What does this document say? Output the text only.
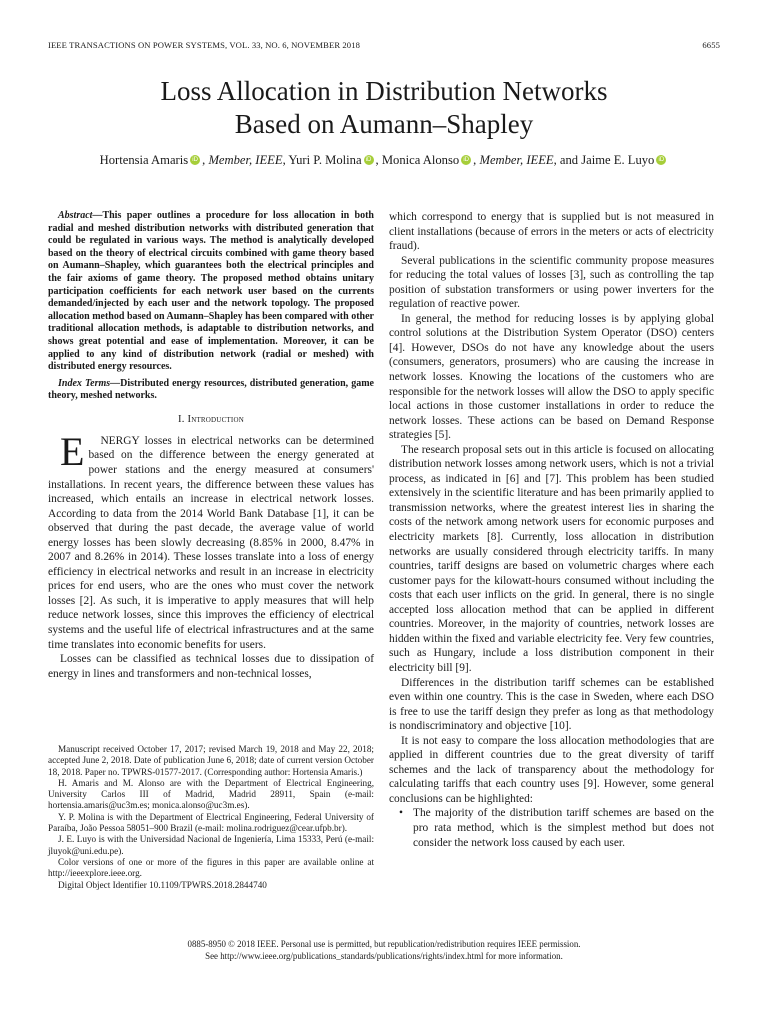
IEEE TRANSACTIONS ON POWER SYSTEMS, VOL. 33, NO. 6, NOVEMBER 2018	6655
Loss Allocation in Distribution Networks
Based on Aumann–Shapley
Hortensia Amaris iD , Member, IEEE, Yuri P. Molina iD , Monica Alonso iD , Member, IEEE, and Jaime E. Luyo iD

Abstract—This paper outlines a procedure for loss allocation in both radial and meshed distribution networks with distributed generation that could be regulated in various ways. The method is analytically developed based on the theory of electrical circuits combined with game theory based on Aumann–Shapley, which guarantees both the electrical principles and the fair axioms of game theory. The proposed method obtains unitary participation coefficients for each network user based on the currents demanded/injected by each user and the network topology. The proposed allocation method based on Aumann–Shapley has been compared with other traditional allocation methods, is adaptable to distribution networks, and shows great potential and ease of implementation. Moreover, it can be applied to any kind of distribution network (radial or meshed) with distributed energy resources.

Index Terms—Distributed energy resources, distributed generation, game theory, meshed networks.

I. Introduction

E NERGY losses in electrical networks can be determined based on the difference between the energy generated at power stations and the energy measured at consumers' installations. In recent years, the difference between these values has increased, which entails an increase in electrical network losses. According to data from the 2014 World Bank Database [1], it can be observed that during the past decade, the average value of world energy losses has been slowly decreasing (8.85% in 2000, 8.47% in 2007 and 8.26% in 2014). These losses translate into a loss of energy efficiency in electrical networks and result in an increase in electricity prices for end users, who are the ones who must cover the network losses [2]. As such, it is imperative to apply measures that will help reduce network losses, since this improves the efficiency of electrical systems and the useful life of electrical infrastructures and at the same time translates into economic benefits for users.

Losses can be classified as technical losses due to dissipation of energy in lines and transformers and non-technical losses,

Manuscript received October 17, 2017; revised March 19, 2018 and May 22, 2018; accepted June 2, 2018. Date of publication June 6, 2018; date of current version October 18, 2018. Paper no. TPWRS-01577-2017. (Corresponding author: Hortensia Amaris.)

H. Amaris and M. Alonso are with the Department of Electrical Engineering, University Carlos III of Madrid, Madrid 28911, Spain (e-mail: hortensia.amaris@uc3m.es; monica.alonso@uc3m.es).

Y. P. Molina is with the Department of Electrical Engineering, Federal University of Paraíba, João Pessoa 58051–900 Brazil (e-mail: molina.rodriguez@cear.ufpb.br).

J. E. Luyo is with the Universidad Nacional de Ingeniería, Lima 15333, Perú (e-mail: jluyok@uni.edu.pe).

Color versions of one or more of the figures in this paper are available online at http://ieeexplore.ieee.org.

Digital Object Identifier 10.1109/TPWRS.2018.2844740

which correspond to energy that is supplied but is not measured in client installations (because of errors in the meters or acts of electricity fraud).

Several publications in the scientific community propose measures for reducing the total values of losses [3], such as controlling the tap position of substation transformers or using power inverters for the regulation of reactive power.

In general, the method for reducing losses is by applying global control solutions at the Distribution System Operator (DSO) centers [4]. However, DSOs do not have any knowledge about the users (consumers, generators, prosumers) who are causing the increase in network losses. Knowing the locations of the customers who are responsible for the network losses will allow the DSO to apply specific local actions in those customer installations in order to reduce the network losses. These actions can be based on Demand Response strategies [5].

The research proposal sets out in this article is focused on allocating distribution network losses among network users, which is not a trivial process, as indicated in [6] and [7]. This problem has been studied extensively in the scientific literature and has been primarily applied to transmission networks, where the greatest interest lies in sharing the costs of the network among network users for economic purposes and electricity markets [8]. Currently, loss allocation in distribution networks are usually considered through electricity tariffs. In many countries, tariff designs are based on volumetric charges where each customer pays for the kilowatt-hours consumed without including the costs that each user inflicts on the grid. In general, there is no single accepted loss allocation method that can be applied in different countries. Moreover, in the majority of countries, network losses are hidden within the fixed and variable electricity fee. Very few countries, such as Hungary, include a loss distribution component in their electricity bill [9].

Differences in the distribution tariff schemes can be established even within one country. This is the case in Sweden, where each DSO is free to use the tariff design they prefer as long as that methodology is nondiscriminatory and objective [10].

It is not easy to compare the loss allocation methodologies that are applied in different countries due to the great diversity of tariff schemes and the lack of transparency about the methodology for calculating tariffs that each country uses [9]. However, some general conclusions can be highlighted:

• The majority of the distribution tariff schemes are based on the pro rata method, which is the simplest method but does not consider the network loss caused by each user.
0885-8950 © 2018 IEEE. Personal use is permitted, but republication/redistribution requires IEEE permission.
See http://www.ieee.org/publications_standards/publications/rights/index.html for more information.
